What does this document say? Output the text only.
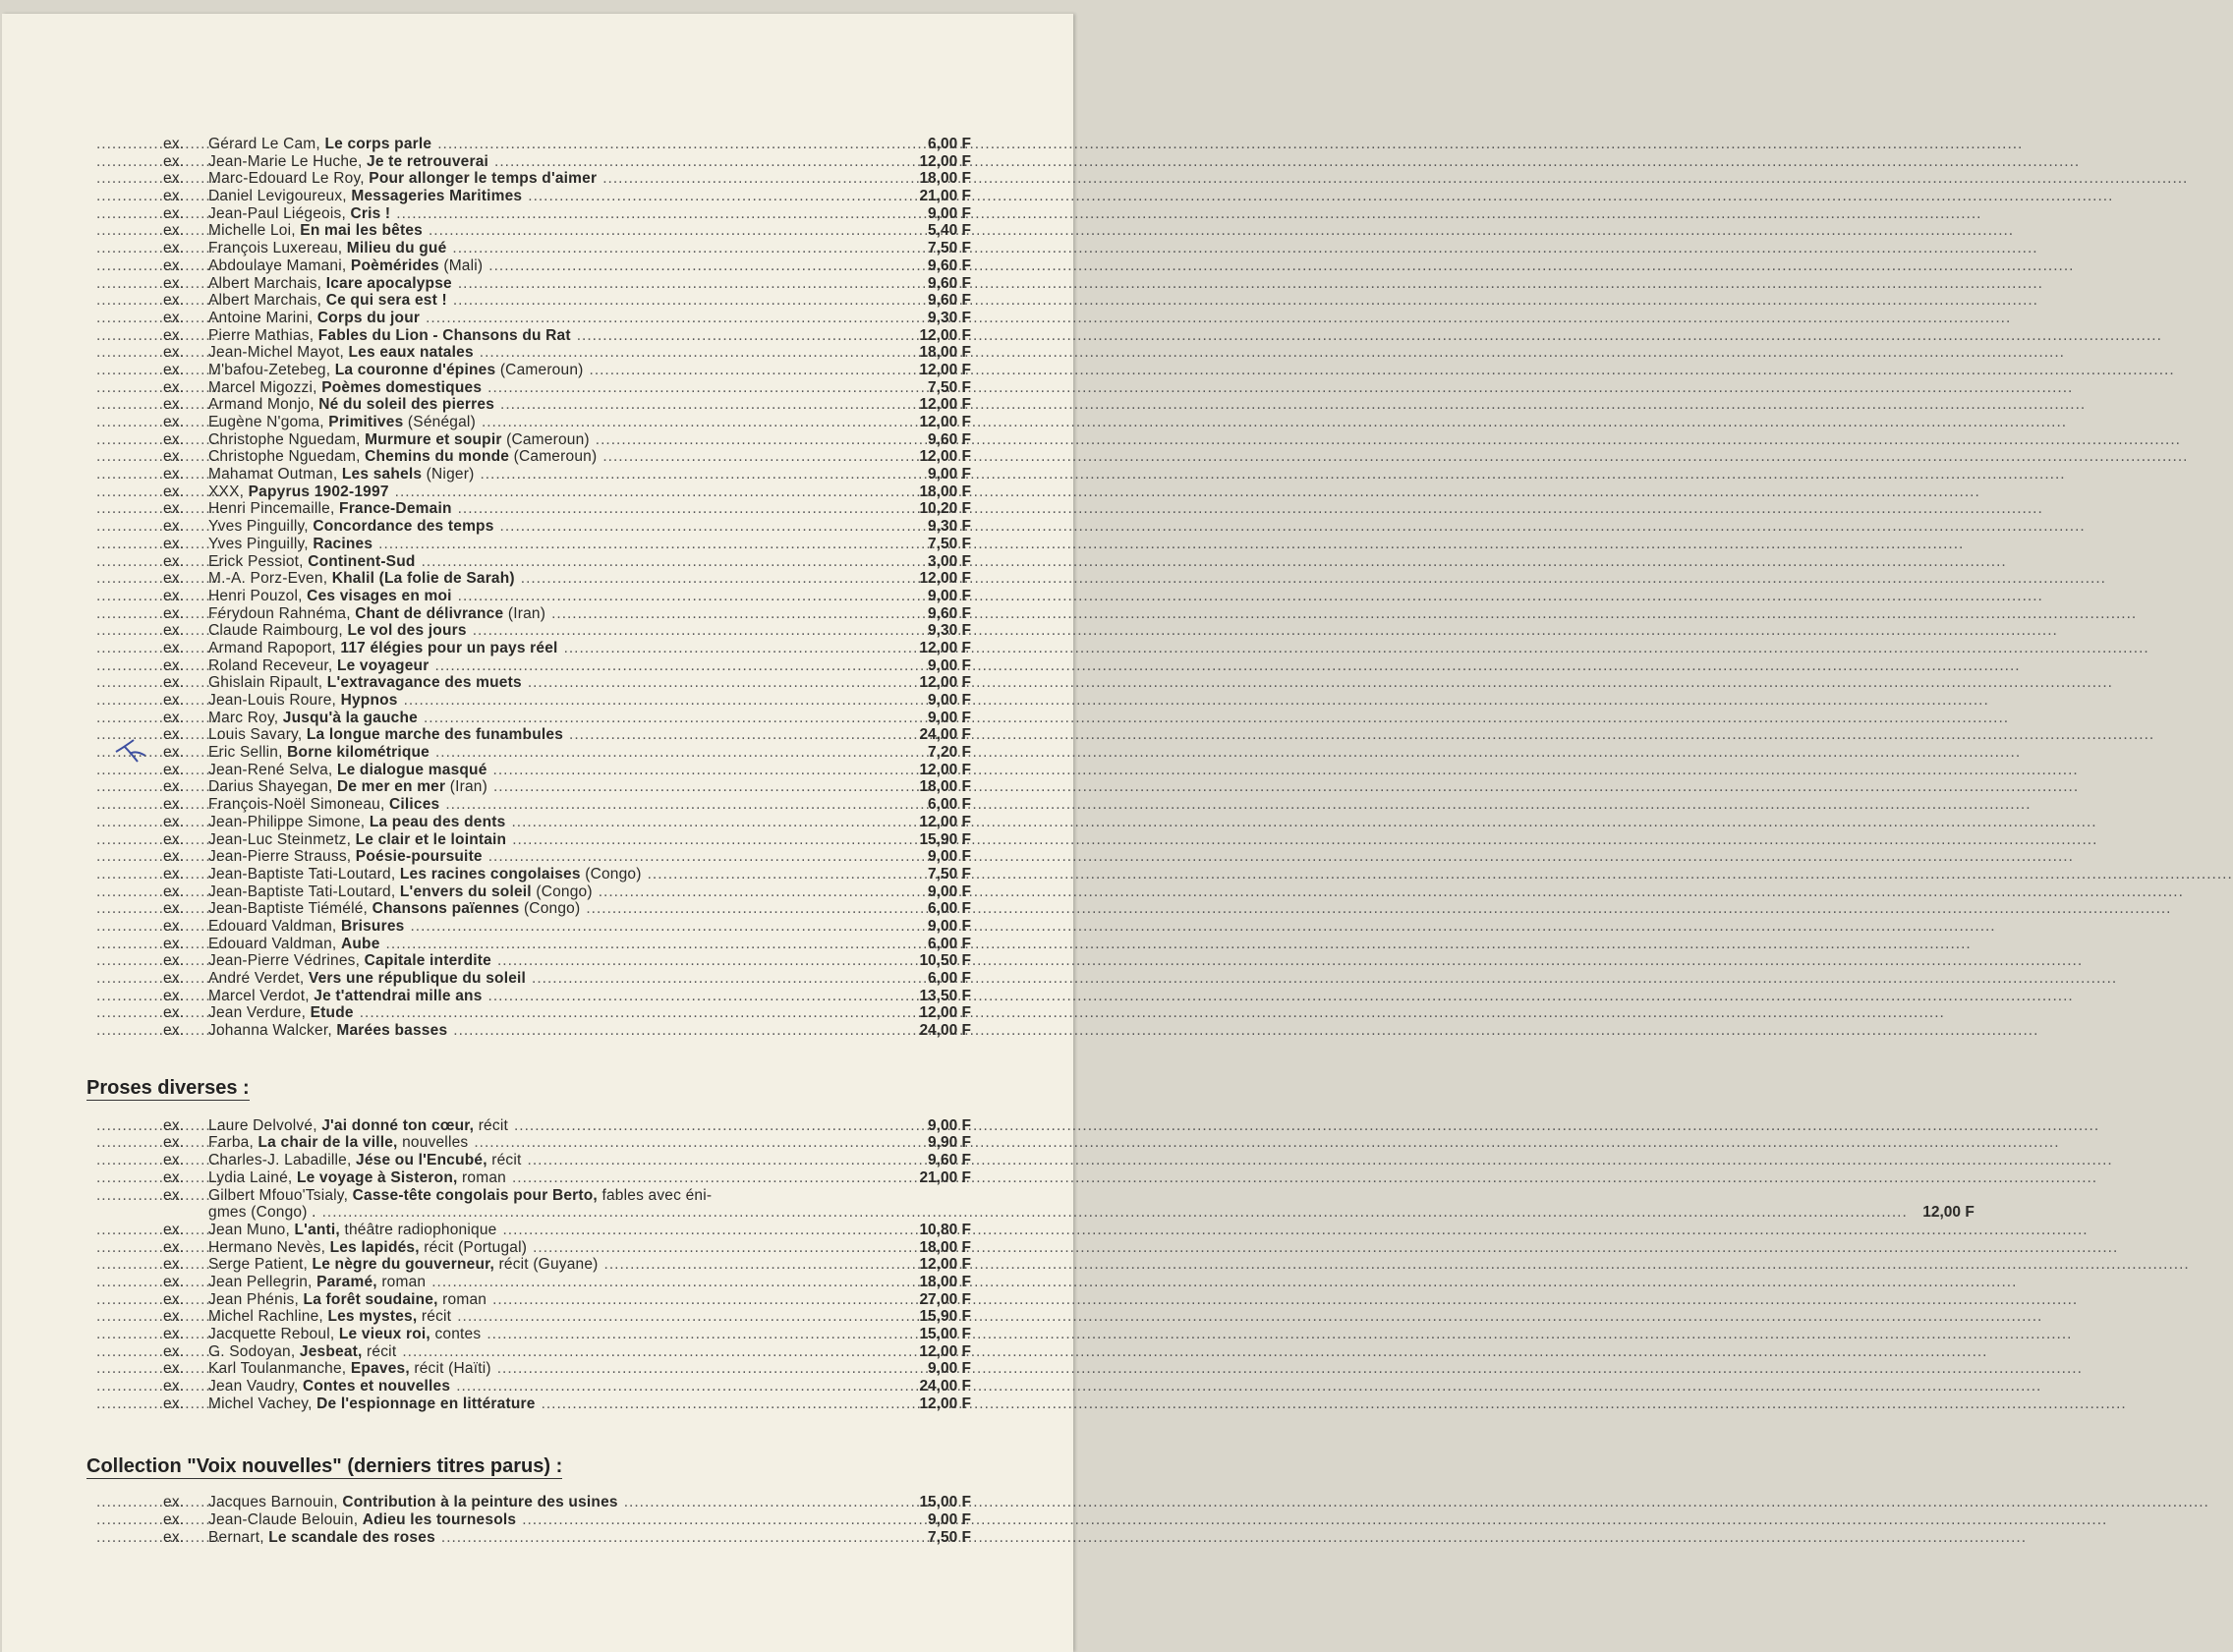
.....
ex.	Gérard Le Cam, Le corps parle .....	6,00 F
.....
ex.	Jean-Marie Le Huche, Je te retrouverai .....	12,00 F
.....
ex.	Marc-Edouard Le Roy, Pour allonger le temps d'aimer .....	18,00 F
.....
ex.	Daniel Levigoureux, Messageries Maritimes .....	21,00 F
.....
ex.	Jean-Paul Liégeois, Cris ! .....	9,00 F
.....
ex.	Michelle Loi, En mai les bêtes .....	5,40 F
.....
ex.	François Luxereau, Milieu du gué .....	7,50 F
.....
ex.	Abdoulaye Mamani, Poèmérides (Mali) .....	9,60 F
.....
ex.	Albert Marchais, Icare apocalypse .....	9,60 F
.....
ex.	Albert Marchais, Ce qui sera est ! .....	9,60 F
.....
ex.	Antoine Marini, Corps du jour .....	9,30 F
.....
ex.	Pierre Mathias, Fables du Lion - Chansons du Rat .....	12,00 F
.....
ex.	Jean-Michel Mayot, Les eaux natales .....	18,00 F
.....
ex.	M'bafou-Zetebeg, La couronne d'épines (Cameroun) .....	12,00 F
.....
ex.	Marcel Migozzi, Poèmes domestiques .....	7,50 F
.....
ex.	Armand Monjo, Né du soleil des pierres .....	12,00 F
.....
ex.	Eugène N'goma, Primitives (Sénégal) .....	12,00 F
.....
ex.	Christophe Nguedam, Murmure et soupir (Cameroun) .....	9,60 F
.....
ex.	Christophe Nguedam, Chemins du monde (Cameroun) .....	12,00 F
.....
ex.	Mahamat Outman, Les sahels (Niger) .....	9,00 F
.....
ex.	XXX, Papyrus 1902-1997 .....	18,00 F
.....
ex.	Henri Pincemaille, France-Demain .....	10,20 F
.....
ex.	Yves Pinguilly, Concordance des temps .....	9,30 F
.....
ex.	Yves Pinguilly, Racines .....	7,50 F
.....
ex.	Erick Pessiot, Continent-Sud .....	3,00 F
.....
ex.	M.-A. Porz-Even, Khalil (La folie de Sarah) .....	12,00 F
.....
ex.	Henri Pouzol, Ces visages en moi .....	9,00 F
.....
ex.	Férydoun Rahnéma, Chant de délivrance (Iran) .....	9,60 F
.....
ex.	Claude Raimbourg, Le vol des jours .....	9,30 F
.....
ex.	Armand Rapoport, 117 élégies pour un pays réel .....	12,00 F
.....
ex.	Roland Receveur, Le voyageur .....	9,00 F
.....
ex.	Ghislain Ripault, L'extravagance des muets .....	12,00 F
.....
ex.	Jean-Louis Roure, Hypnos .....	9,00 F
.....
ex.	Marc Roy, Jusqu'à la gauche .....	9,00 F
.....
ex.	Louis Savary, La longue marche des funambules .....	24,00 F
.....
ex.	Eric Sellin, Borne kilométrique .....	7,20 F
.....
ex.	Jean-René Selva, Le dialogue masqué .....	12,00 F
.....
ex.	Darius Shayegan, De mer en mer (Iran) .....	18,00 F
.....
ex.	François-Noël Simoneau, Cilices .....	6,00 F
.....
ex.	Jean-Philippe Simone, La peau des dents .....	12,00 F
.....
ex.	Jean-Luc Steinmetz, Le clair et le lointain .....	15,90 F
.....
ex.	Jean-Pierre Strauss, Poésie-poursuite .....	9,00 F
.....
ex.	Jean-Baptiste Tati-Loutard, Les racines congolaises (Congo) .....	7,50 F
.....
ex.	Jean-Baptiste Tati-Loutard, L'envers du soleil (Congo) .....	9,00 F
.....
ex.	Jean-Baptiste Tiémélé, Chansons païennes (Congo) .....	6,00 F
.....
ex.	Edouard Valdman, Brisures .....	9,00 F
.....
ex.	Edouard Valdman, Aube .....	6,00 F
.....
ex.	Jean-Pierre Védrines, Capitale interdite .....	10,50 F
.....
ex.	André Verdet, Vers une république du soleil .....	6,00 F
.....
ex.	Marcel Verdot, Je t'attendrai mille ans .....	13,50 F
.....
ex.	Jean Verdure, Etude .....	12,00 F
.....
ex.	Johanna Walcker, Marées basses .....	24,00 F
Proses diverses :
.....
ex.	Laure Delvolvé, J'ai donné ton cœur, récit .....	9,00 F
.....
ex.	Farba, La chair de la ville, nouvelles .....	9,90 F
.....
ex.	Charles-J. Labadille, Jése ou l'Encubé, récit .....	9,60 F
.....
ex.	Lydia Lainé, Le voyage à Sisteron, roman .....	21,00 F
.....
ex.	Gilbert Mfouo'Tsialy, Casse-tête congolais pour Berto, fables avec éni-
gmes (Congo) . .....	12,00 F
.....
ex.	Jean Muno, L'anti, théâtre radiophonique .....	10,80 F
.....
ex.	Hermano Nevès, Les lapidés, récit (Portugal) .....	18,00 F
.....
ex.	Serge Patient, Le nègre du gouverneur, récit (Guyane) .....	12,00 F
.....
ex.	Jean Pellegrin, Paramé, roman .....	18,00 F
.....
ex.	Jean Phénis, La forêt soudaine, roman .....	27,00 F
.....
ex.	Michel Rachline, Les mystes, récit .....	15,90 F
.....
ex.	Jacquette Reboul, Le vieux roi, contes .....	15,00 F
.....
ex.	G. Sodoyan, Jesbeat, récit .....	12,00 F
.....
ex.	Karl Toulanmanche, Epaves, récit (Haïti) .....	9,00 F
.....
ex.	Jean Vaudry, Contes et nouvelles .....	24,00 F
.....
ex.	Michel Vachey, De l'espionnage en littérature .....	12,00 F
Collection "Voix nouvelles" (derniers titres parus) :
.....
ex.	Jacques Barnouin, Contribution à la peinture des usines .....	15,00 F
.....
ex.	Jean-Claude Belouin, Adieu les tournesols .....	9,00 F
.....
ex.	Bernart, Le scandale des roses .....	7,50 F
